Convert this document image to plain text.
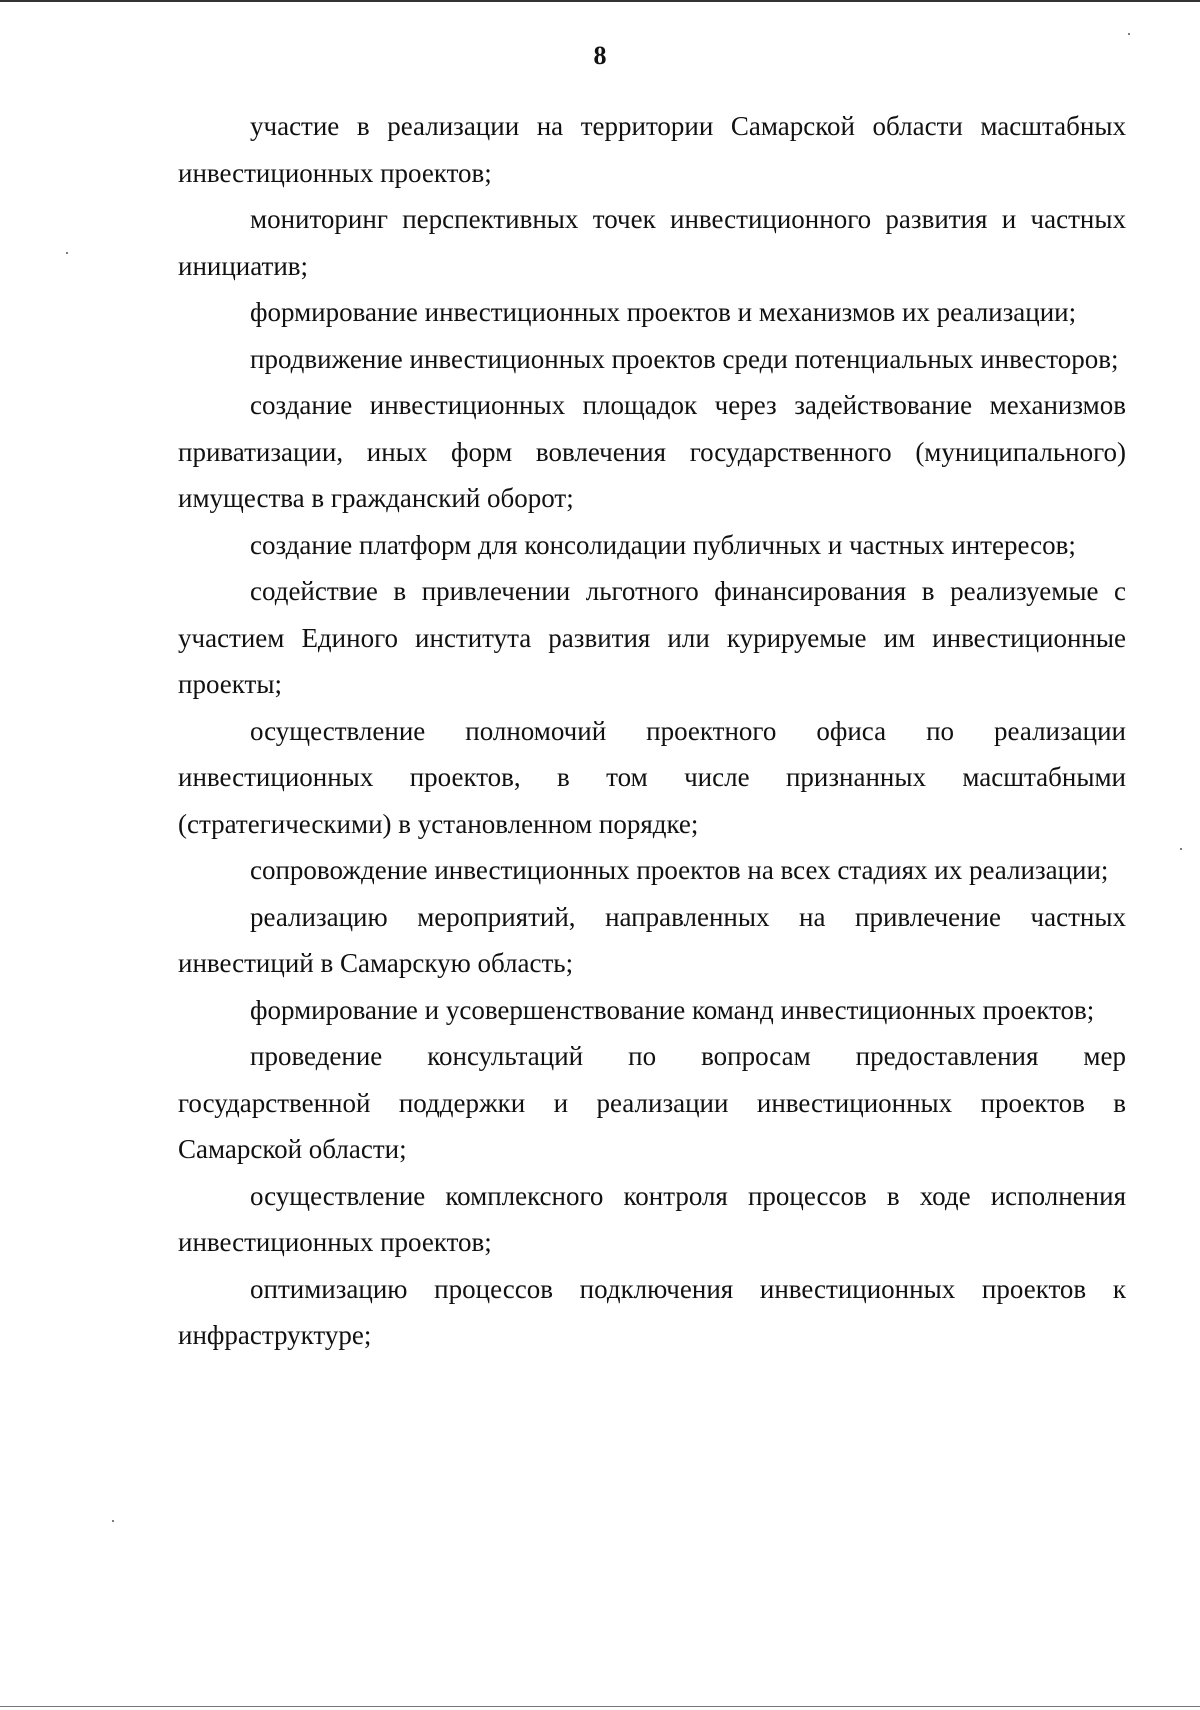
8

участие в реализации на территории Самарской области масштабных инвестиционных проектов;

мониторинг перспективных точек инвестиционного развития и частных инициатив;

формирование инвестиционных проектов и механизмов их реализации;

продвижение инвестиционных проектов среди потенциальных инвесторов;

создание инвестиционных площадок через задействование механизмов приватизации, иных форм вовлечения государственного (муниципального) имущества в гражданский оборот;

создание платформ для консолидации публичных и частных интересов;

содействие в привлечении льготного финансирования в реализуемые с участием Единого института развития или курируемые им инвестиционные проекты;

осуществление полномочий проектного офиса по реализации инвестиционных проектов, в том числе признанных масштабными (стратегическими) в установленном порядке;

сопровождение инвестиционных проектов на всех стадиях их реализации;

реализацию мероприятий, направленных на привлечение частных инвестиций в Самарскую область;

формирование и усовершенствование команд инвестиционных проектов;

проведение консультаций по вопросам предоставления мер государственной поддержки и реализации инвестиционных проектов в Самарской области;

осуществление комплексного контроля процессов в ходе исполнения инвестиционных проектов;

оптимизацию процессов подключения инвестиционных проектов к инфраструктуре;
